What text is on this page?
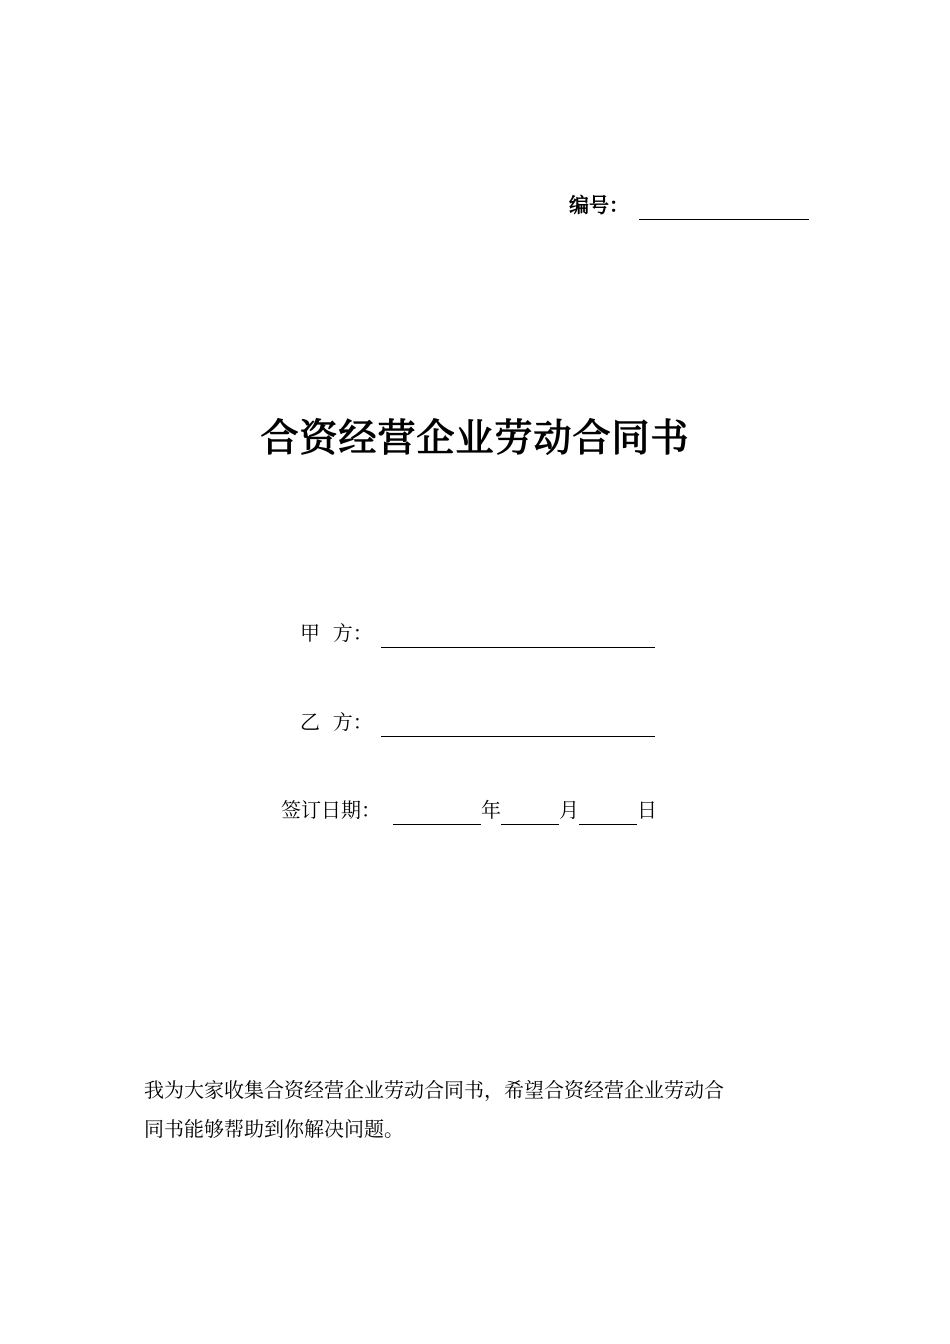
编号：
合资经营企业劳动合同书
甲  方：
乙  方：
签订日期：	年	月	日
我为大家收集合资经营企业劳动合同书，希望合资经营企业劳动合
同书能够帮助到你解决问题。
